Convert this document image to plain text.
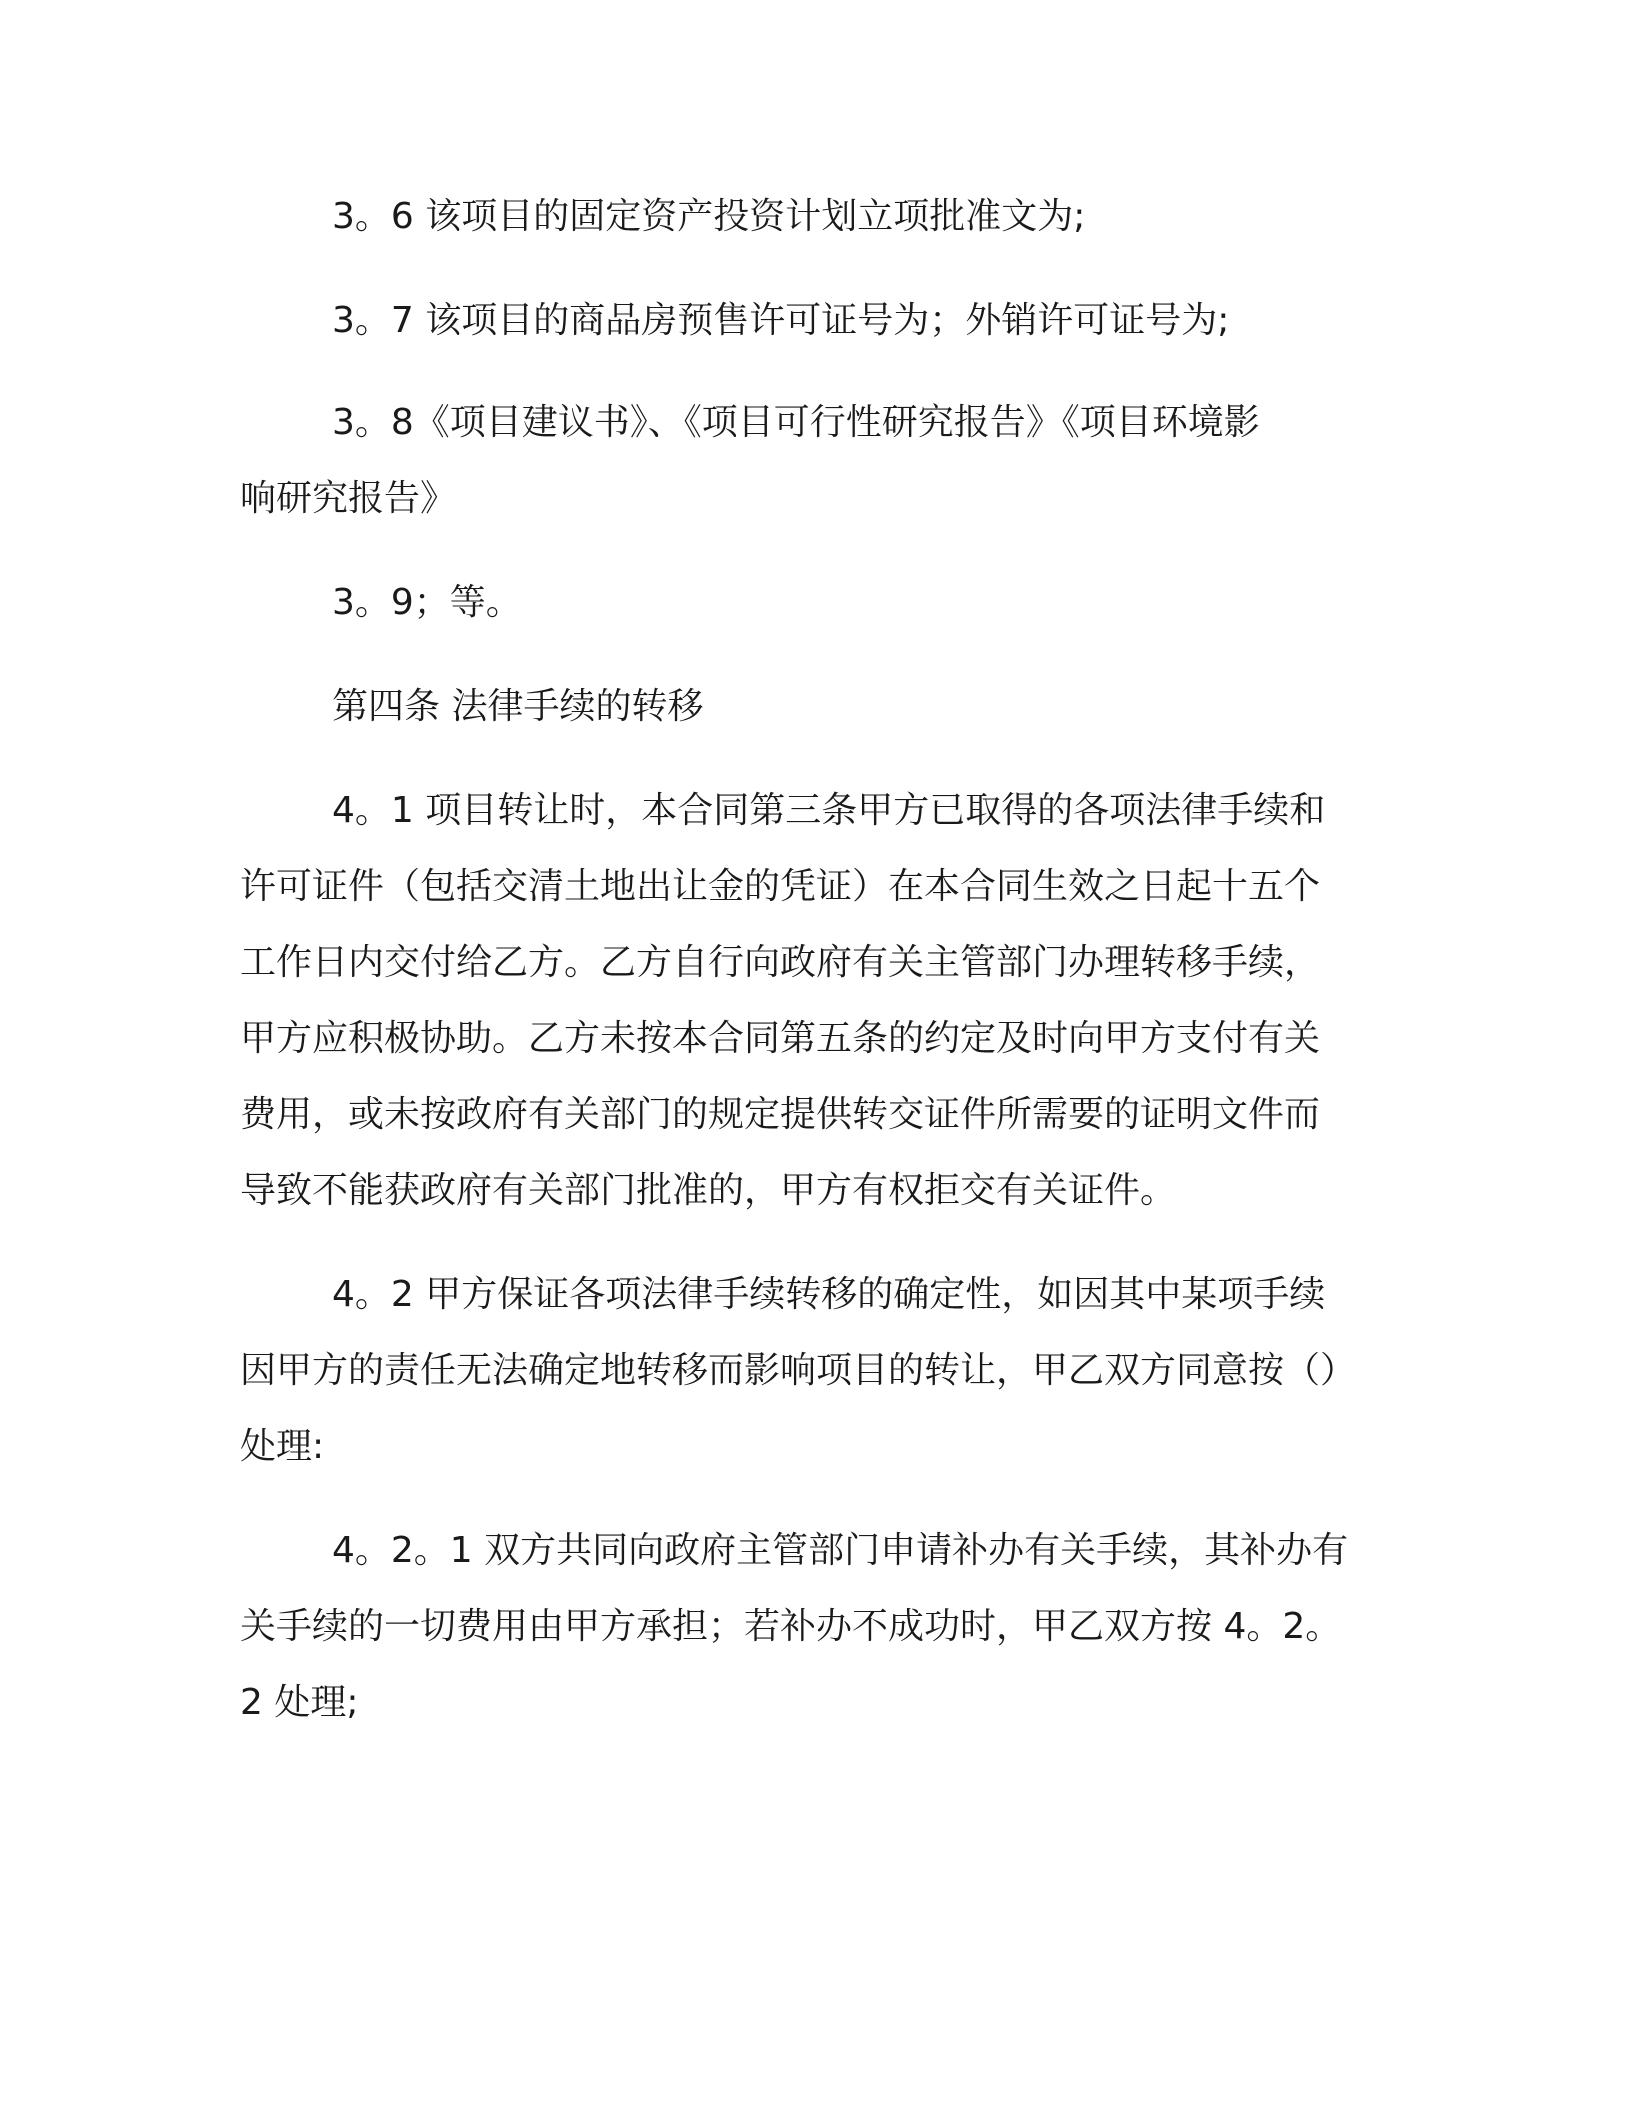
3。6 该项目的固定资产投资计划立项批准文为;
3。7 该项目的商品房预售许可证号为；外销许可证号为;
3。8《项目建议书》、《项目可行性研究报告》《项目环境影
响研究报告》
3。9；等。
第四条 法律手续的转移
4。1 项目转让时，本合同第三条甲方已取得的各项法律手续和
许可证件（包括交清土地出让金的凭证）在本合同生效之日起十五个
工作日内交付给乙方。乙方自行向政府有关主管部门办理转移手续，
甲方应积极协助。乙方未按本合同第五条的约定及时向甲方支付有关
费用，或未按政府有关部门的规定提供转交证件所需要的证明文件而
导致不能获政府有关部门批准的，甲方有权拒交有关证件。
4。2 甲方保证各项法律手续转移的确定性，如因其中某项手续
因甲方的责任无法确定地转移而影响项目的转让，甲乙双方同意按（）
处理:
4。2。1 双方共同向政府主管部门申请补办有关手续，其补办有
关手续的一切费用由甲方承担；若补办不成功时，甲乙双方按 4。2。
2 处理;
